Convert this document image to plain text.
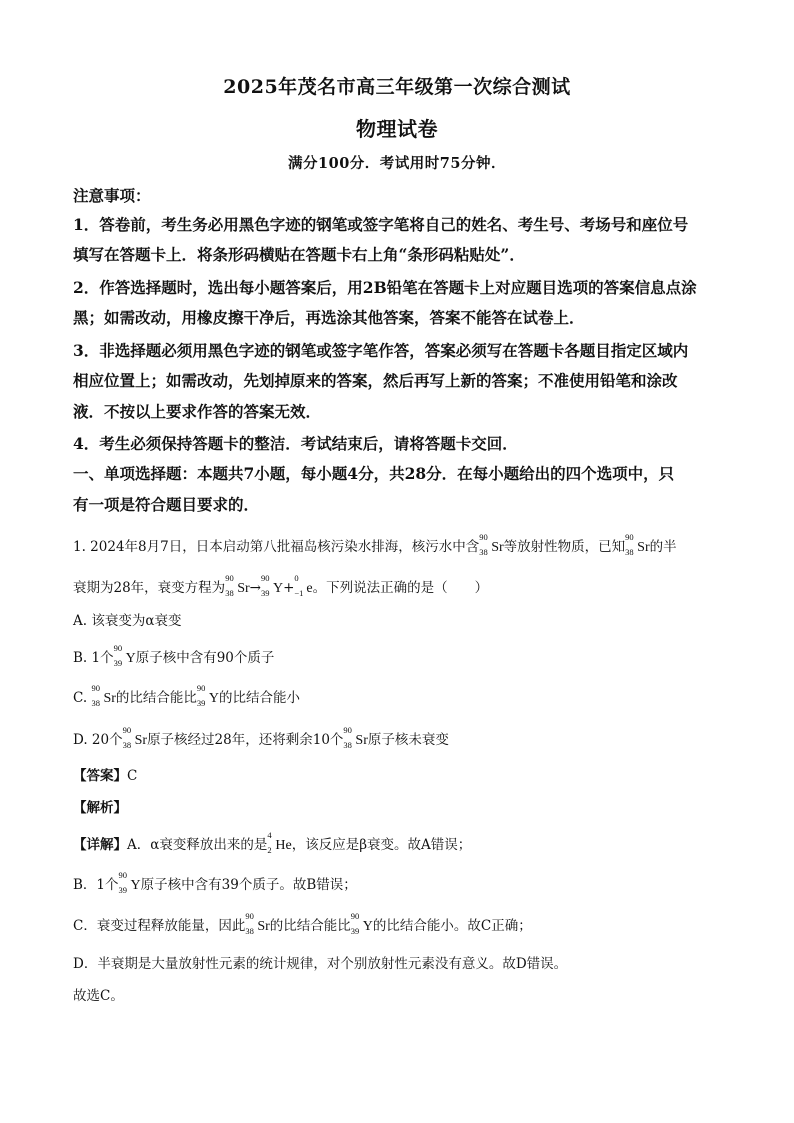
2025年茂名市高三年级第一次综合测试
物理试卷
满分100分．考试用时75分钟．
注意事项：
1．答卷前，考生务必用黑色字迹的钢笔或签字笔将自己的姓名、考生号、考场号和座位号
填写在答题卡上．将条形码横贴在答题卡右上角“条形码粘贴处”．
2．作答选择题时，选出每小题答案后，用2B铅笔在答题卡上对应题目选项的答案信息点涂
黑；如需改动，用橡皮擦干净后，再选涂其他答案，答案不能答在试卷上．
3．非选择题必须用黑色字迹的钢笔或签字笔作答，答案必须写在答题卡各题目指定区域内
相应位置上；如需改动，先划掉原来的答案，然后再写上新的答案；不准使用铅笔和涂改
液．不按以上要求作答的答案无效．
4．考生必须保持答题卡的整洁．考试结束后，请将答题卡交回．
一、单项选择题：本题共7小题，每小题4分，共28分．在每小题给出的四个选项中，只
有一项是符合题目要求的．
1. 2024年8月7日，日本启动第八批福岛核污染水排海，核污水中含
90
38 Sr等放射性物质，已知
90
38 Sr的半
衰期为28年，衰变方程为
90
38 Sr→
90
39 Y+
0
−1 e。下列说法正确的是（　　）
A. 该衰变为α衰变
B. 1个
90
39 Y原子核中含有90个质子
C.
90
38 Sr的比结合能比
90
39 Y的比结合能小
D. 20个
90
38 Sr原子核经过28年，还将剩余10个
90
38 Sr原子核未衰变
【答案】C
【解析】
【详解】A．α衰变释放出来的是
4
2 He，该反应是β衰变。故A错误；
B．1个
90
39 Y原子核中含有39个质子。故B错误；
C．衰变过程释放能量，因此
90
38 Sr的比结合能比
90
39 Y的比结合能小。故C正确；
D．半衰期是大量放射性元素的统计规律，对个别放射性元素没有意义。故D错误。
故选C。
